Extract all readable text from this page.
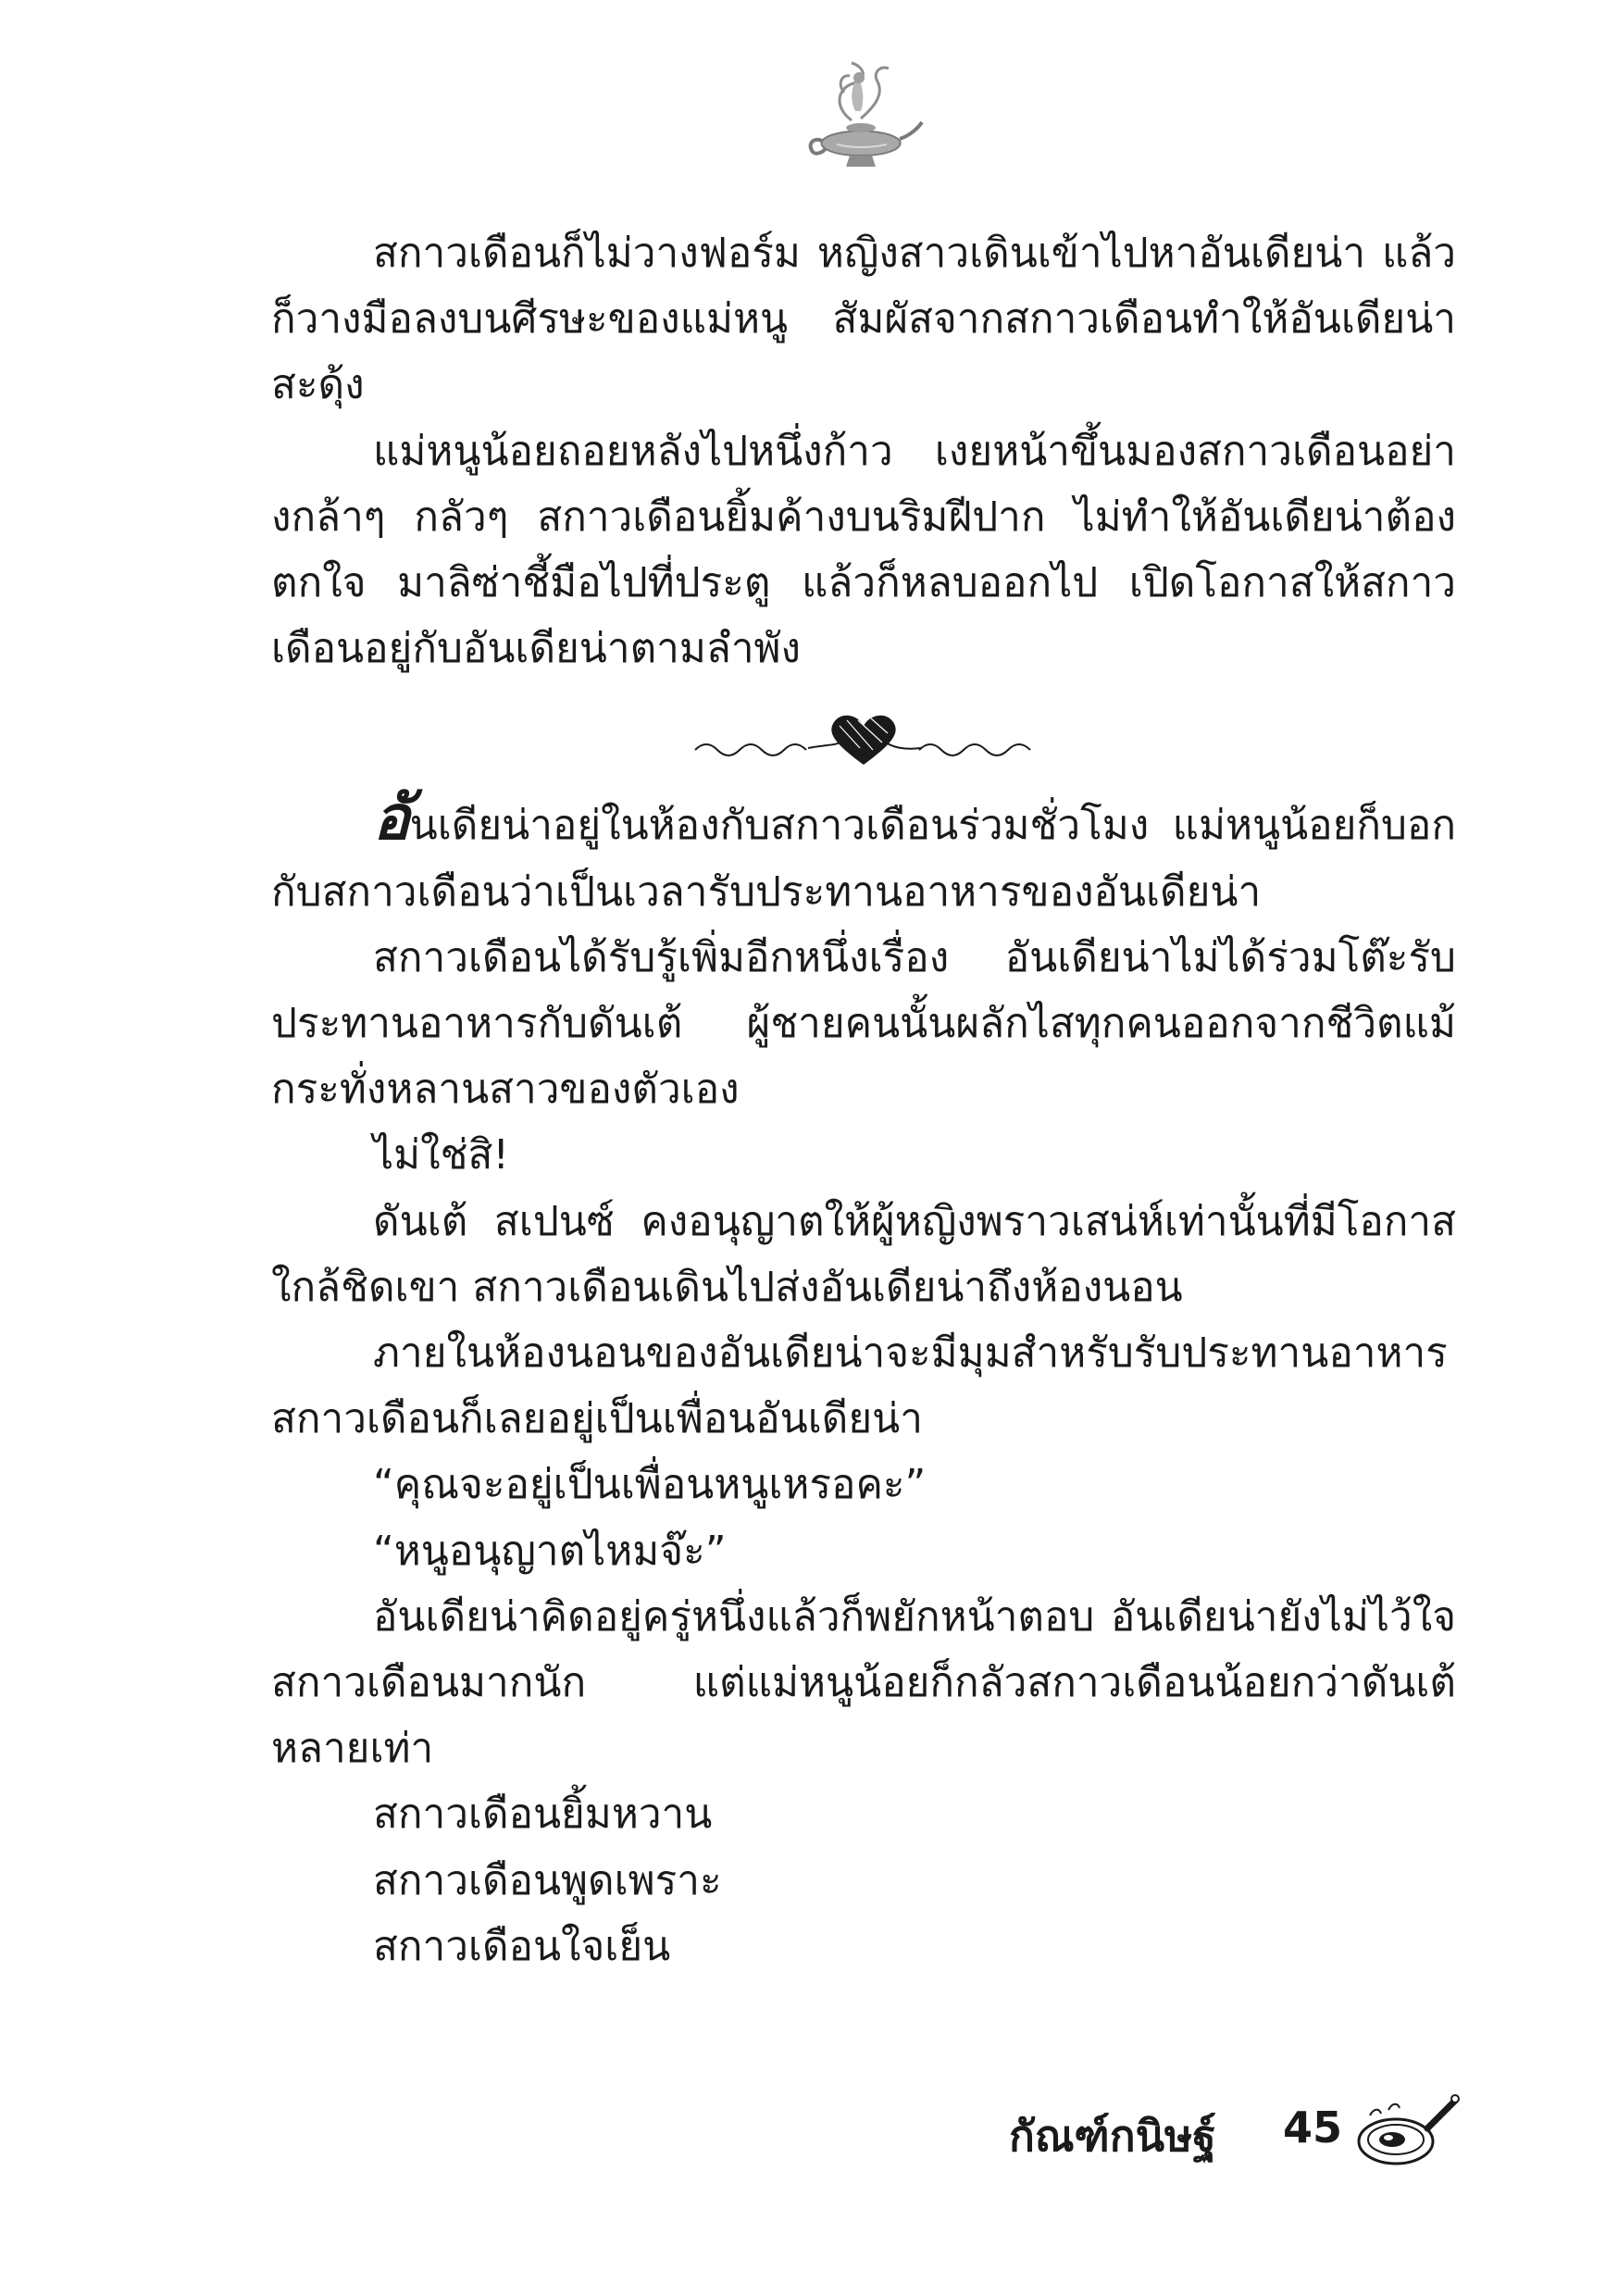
สกาวเดือนก็ไม่วางฟอร์ม หญิงสาวเดินเข้าไปหาอันเดียน่า แล้วก็วางมือลงบนศีรษะของแม่หนู สัมผัสจากสกาวเดือนทำให้อันเดียน่าสะดุ้ง

แม่หนูน้อยถอยหลังไปหนึ่งก้าว เงยหน้าขึ้นมองสกาวเดือนอย่างกล้าๆ กลัวๆ สกาวเดือนยิ้มค้างบนริมฝีปาก ไม่ทำให้อันเดียน่าต้องตกใจ มาลิซ่าชี้มือไปที่ประตู แล้วก็หลบออกไป เปิดโอกาสให้สกาวเดือนอยู่กับอันเดียน่าตามลำพัง

อันเดียน่าอยู่ในห้องกับสกาวเดือนร่วมชั่วโมง แม่หนูน้อยก็บอกกับสกาวเดือนว่าเป็นเวลารับประทานอาหารของอันเดียน่า

สกาวเดือนได้รับรู้เพิ่มอีกหนึ่งเรื่อง อันเดียน่าไม่ได้ร่วมโต๊ะรับประทานอาหารกับดันเต้ ผู้ชายคนนั้นผลักไสทุกคนออกจากชีวิตแม้กระทั่งหลานสาวของตัวเอง

ไม่ใช่สิ!

ดันเต้ สเปนซ์ คงอนุญาตให้ผู้หญิงพราวเสน่ห์เท่านั้นที่มีโอกาสใกล้ชิดเขา สกาวเดือนเดินไปส่งอันเดียน่าถึงห้องนอน

ภายในห้องนอนของอันเดียน่าจะมีมุมสำหรับรับประทานอาหาร สกาวเดือนก็เลยอยู่เป็นเพื่อนอันเดียน่า

“คุณจะอยู่เป็นเพื่อนหนูเหรอคะ”

“หนูอนุญาตไหมจ๊ะ”

อันเดียน่าคิดอยู่ครู่หนึ่งแล้วก็พยักหน้าตอบ อันเดียน่ายังไม่ไว้ใจสกาวเดือนมากนัก แต่แม่หนูน้อยก็กลัวสกาวเดือนน้อยกว่าดันเต้หลายเท่า

สกาวเดือนยิ้มหวาน

สกาวเดือนพูดเพราะ

สกาวเดือนใจเย็น

กัณฑ์กนิษฐ์ 45
